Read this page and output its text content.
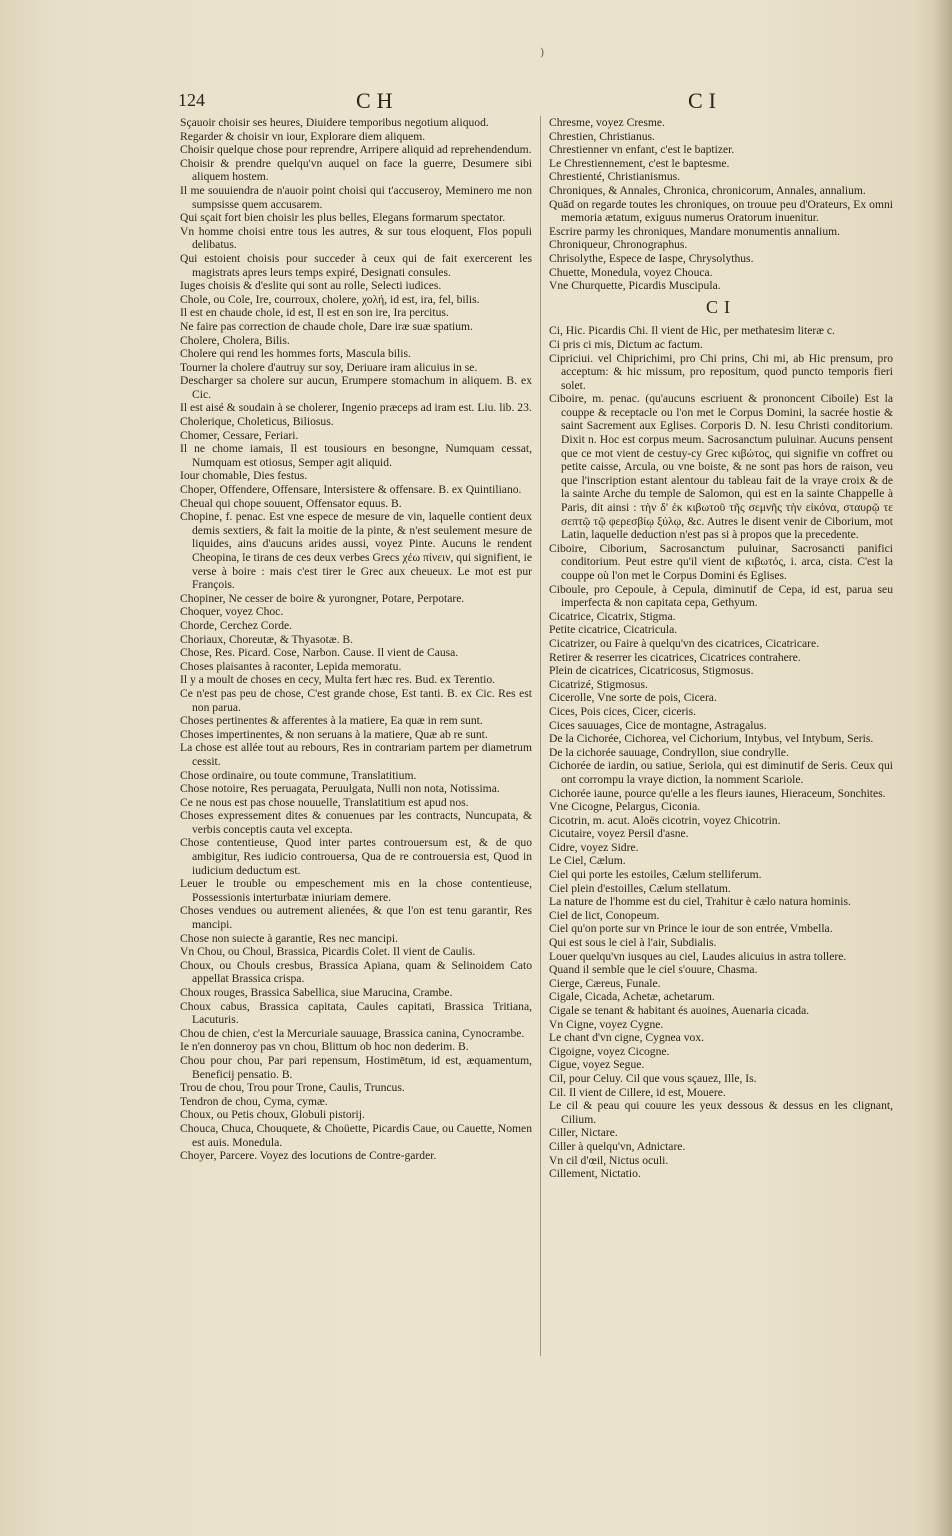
)
124	CH	CI

Sçauoir choisir ses heures, Diuidere temporibus negotium aliquod.

Regarder & choisir vn iour, Explorare diem aliquem.

Choisir quelque chose pour reprendre, Arripere aliquid ad reprehendendum.

Choisir & prendre quelqu'vn auquel on face la guerre, Desumere sibi aliquem hostem.

Il me souuiendra de n'auoir point choisi qui t'accuseroy, Meminero me non sumpsisse quem accusarem.

Qui sçait fort bien choisir les plus belles, Elegans formarum spectator.

Vn homme choisi entre tous les autres, & sur tous eloquent, Flos populi delibatus.

Qui estoient choisis pour succeder à ceux qui de fait exercerent les magistrats apres leurs temps expiré, Designati consules.

Iuges choisis & d'eslite qui sont au rolle, Selecti iudices.

Chole, ou Cole, Ire, courroux, cholere, χολή, id est, ira, fel, bilis.

Il est en chaude chole, id est, Il est en son ire, Ira percitus.

Ne faire pas correction de chaude chole, Dare iræ suæ spatium.

Cholere, Cholera, Bilis.

Cholere qui rend les hommes forts, Mascula bilis.

Tourner la cholere d'autruy sur soy, Deriuare iram alicuius in se.

Descharger sa cholere sur aucun, Erumpere stomachum in aliquem. B. ex Cic.

Il est aisé & soudain à se cholerer, Ingenio præceps ad iram est. Liu. lib. 23.

Cholerique, Choleticus, Biliosus.

Chomer, Cessare, Feriari.

Il ne chome iamais, Il est tousiours en besongne, Numquam cessat, Numquam est otiosus, Semper agit aliquid.

Iour chomable, Dies festus.

Choper, Offendere, Offensare, Intersistere & offensare. B. ex Quintiliano.

Cheual qui chope souuent, Offensator equus. B.

Chopine, f. penac. Est vne espece de mesure de vin, laquelle contient deux demis sextiers, & fait la moitie de la pinte, & n'est seulement mesure de liquides, ains d'aucuns arides aussi, voyez Pinte. Aucuns le rendent Cheopina, le tirans de ces deux verbes Grecs χέω πίνειν, qui signifient, ie verse à boire : mais c'est tirer le Grec aux cheueux. Le mot est pur François.

Chopiner, Ne cesser de boire & yurongner, Potare, Perpotare.

Choquer, voyez Choc.

Chorde, Cerchez Corde.

Choriaux, Choreutæ, & Thyasotæ. B.

Chose, Res. Picard. Cose, Narbon. Cause. Il vient de Causa.

Choses plaisantes à raconter, Lepida memoratu.

Il y a moult de choses en cecy, Multa fert hæc res. Bud. ex Terentio.

Ce n'est pas peu de chose, C'est grande chose, Est tanti. B. ex Cic. Res est non parua.

Choses pertinentes & afferentes à la matiere, Ea quæ in rem sunt.

Choses impertinentes, & non seruans à la matiere, Quæ ab re sunt.

La chose est allée tout au rebours, Res in contrariam partem per diametrum cessit.

Chose ordinaire, ou toute commune, Translatitium.

Chose notoire, Res peruagata, Peruulgata, Nulli non nota, Notissima.

Ce ne nous est pas chose nouuelle, Translatitium est apud nos.

Choses expressement dites & conuenues par les contracts, Nuncupata, & verbis conceptis cauta vel excepta.

Chose contentieuse, Quod inter partes controuersum est, & de quo ambigitur, Res iudicio controuersa, Qua de re controuersia est, Quod in iudicium deductum est.

Leuer le trouble ou empeschement mis en la chose contentieuse, Possessionis interturbatæ iniuriam demere.

Choses vendues ou autrement alienées, & que l'on est tenu garantir, Res mancipi.

Chose non suiecte à garantie, Res nec mancipi.

Vn Chou, ou Choul, Brassica, Picardis Colet. Il vient de Caulis.

Choux, ou Chouls cresbus, Brassica Apiana, quam & Selinoidem Cato appellat Brassica crispa.

Choux rouges, Brassica Sabellica, siue Marucina, Crambe.

Choux cabus, Brassica capitata, Caules capitati, Brassica Tritiana, Lacuturis.

Chou de chien, c'est la Mercuriale sauuage, Brassica canina, Cynocrambe.

Ie n'en donneroy pas vn chou, Blittum ob hoc non dederim. B.

Chou pour chou, Par pari repensum, Hostimētum, id est, æquamentum, Beneficij pensatio. B.

Trou de chou, Trou pour Trone, Caulis, Truncus.

Tendron de chou, Cyma, cymæ.

Choux, ou Petis choux, Globuli pistorij.

Chouca, Chuca, Chouquete, & Choüette, Picardis Caue, ou Cauette, Nomen est auis. Monedula.

Choyer, Parcere. Voyez des locutions de Contre-garder.

Chresme, voyez Cresme.

Chrestien, Christianus.

Chrestienner vn enfant, c'est le baptizer.

Le Chrestiennement, c'est le baptesme.

Chrestienté, Christianismus.

Chroniques, & Annales, Chronica, chronicorum, Annales, annalium.

Quād on regarde toutes les chroniques, on trouue peu d'Orateurs, Ex omni memoria ætatum, exiguus numerus Oratorum inuenitur.

Escrire parmy les chroniques, Mandare monumentis annalium.

Chroniqueur, Chronographus.

Chrisolythe, Espece de Iaspe, Chrysolythus.

Chuette, Monedula, voyez Chouca.

Vne Churquette, Picardis Muscipula.

CI

Ci, Hic. Picardis Chi. Il vient de Hic, per methatesim literæ c.

Ci pris ci mis, Dictum ac factum.

Cipriciui. vel Chiprichimi, pro Chi prins, Chi mi, ab Hic prensum, pro acceptum: & hic missum, pro repositum, quod puncto temporis fieri solet.

Ciboire, m. penac. (qu'aucuns escriuent & prononcent Ciboile) Est la couppe & receptacle ou l'on met le Corpus Domini, la sacrée hostie & saint Sacrement aux Eglises. Corporis D. N. Iesu Christi conditorium. Dixit n. Hoc est corpus meum. Sacrosanctum puluinar. Aucuns pensent que ce mot vient de cestuy-cy Grec κιβώτος, qui signifie vn coffret ou petite caisse, Arcula, ou vne boiste, & ne sont pas hors de raison, veu que l'inscription estant alentour du tableau fait de la vraye croix & de la sainte Arche du temple de Salomon, qui est en la sainte Chappelle à Paris, dit ainsi : τὴν δ' ἐκ κιβωτοῦ τῆς σεμνῆς τὴν εἰκόνα, σταυρῷ τε σεπτῷ τῷ φερεσβίῳ ξύλῳ, &c. Autres le disent venir de Ciborium, mot Latin, laquelle deduction n'est pas si à propos que la precedente.

Ciboire, Ciborium, Sacrosanctum puluinar, Sacrosancti panifici conditorium. Peut estre qu'il vient de κιβωτός, i. arca, cista. C'est la couppe où l'on met le Corpus Domini és Eglises.

Ciboule, pro Cepoule, à Cepula, diminutif de Cepa, id est, parua seu imperfecta & non capitata cepa, Gethyum.

Cicatrice, Cicatrix, Stigma.

Petite cicatrice, Cicatricula.

Cicatrizer, ou Faire à quelqu'vn des cicatrices, Cicatricare.

Retirer & reserrer les cicatrices, Cicatrices contrahere.

Plein de cicatrices, Cicatricosus, Stigmosus.

Cicatrizé, Stigmosus.

Cicerolle, Vne sorte de pois, Cicera.

Cices, Pois cices, Cicer, ciceris.

Cices sauuages, Cice de montagne, Astragalus.

De la Cichorée, Cichorea, vel Cichorium, Intybus, vel Intybum, Seris.

De la cichorée sauuage, Condryllon, siue condrylle.

Cichorée de iardin, ou satiue, Seriola, qui est diminutif de Seris. Ceux qui ont corrompu la vraye diction, la nomment Scariole.

Cichorée iaune, pource qu'elle a les fleurs iaunes, Hieraceum, Sonchites.

Vne Cicogne, Pelargus, Ciconia.

Cicotrin, m. acut. Aloës cicotrin, voyez Chicotrin.

Cicutaire, voyez Persil d'asne.

Cidre, voyez Sidre.

Le Ciel, Cælum.

Ciel qui porte les estoiles, Cælum stelliferum.

Ciel plein d'estoilles, Cælum stellatum.

La nature de l'homme est du ciel, Trahitur è cælo natura hominis.

Ciel de lict, Conopeum.

Ciel qu'on porte sur vn Prince le iour de son entrée, Vmbella.

Qui est sous le ciel à l'air, Subdialis.

Louer quelqu'vn iusques au ciel, Laudes alicuius in astra tollere.

Quand il semble que le ciel s'ouure, Chasma.

Cierge, Cæreus, Funale.

Cigale, Cicada, Achetæ, achetarum.

Cigale se tenant & habitant és auoines, Auenaria cicada.

Vn Cigne, voyez Cygne.

Le chant d'vn cigne, Cygnea vox.

Cigoigne, voyez Cicogne.

Cigue, voyez Segue.

Cil, pour Celuy. Cil que vous sçauez, Ille, Is.

Cil. Il vient de Cillere, id est, Mouere.

Le cil & peau qui couure les yeux dessous & dessus en les clignant, Cilium.

Ciller, Nictare.

Ciller à quelqu'vn, Adnictare.

Vn cil d'œil, Nictus oculi.

Cillement, Nictatio.
